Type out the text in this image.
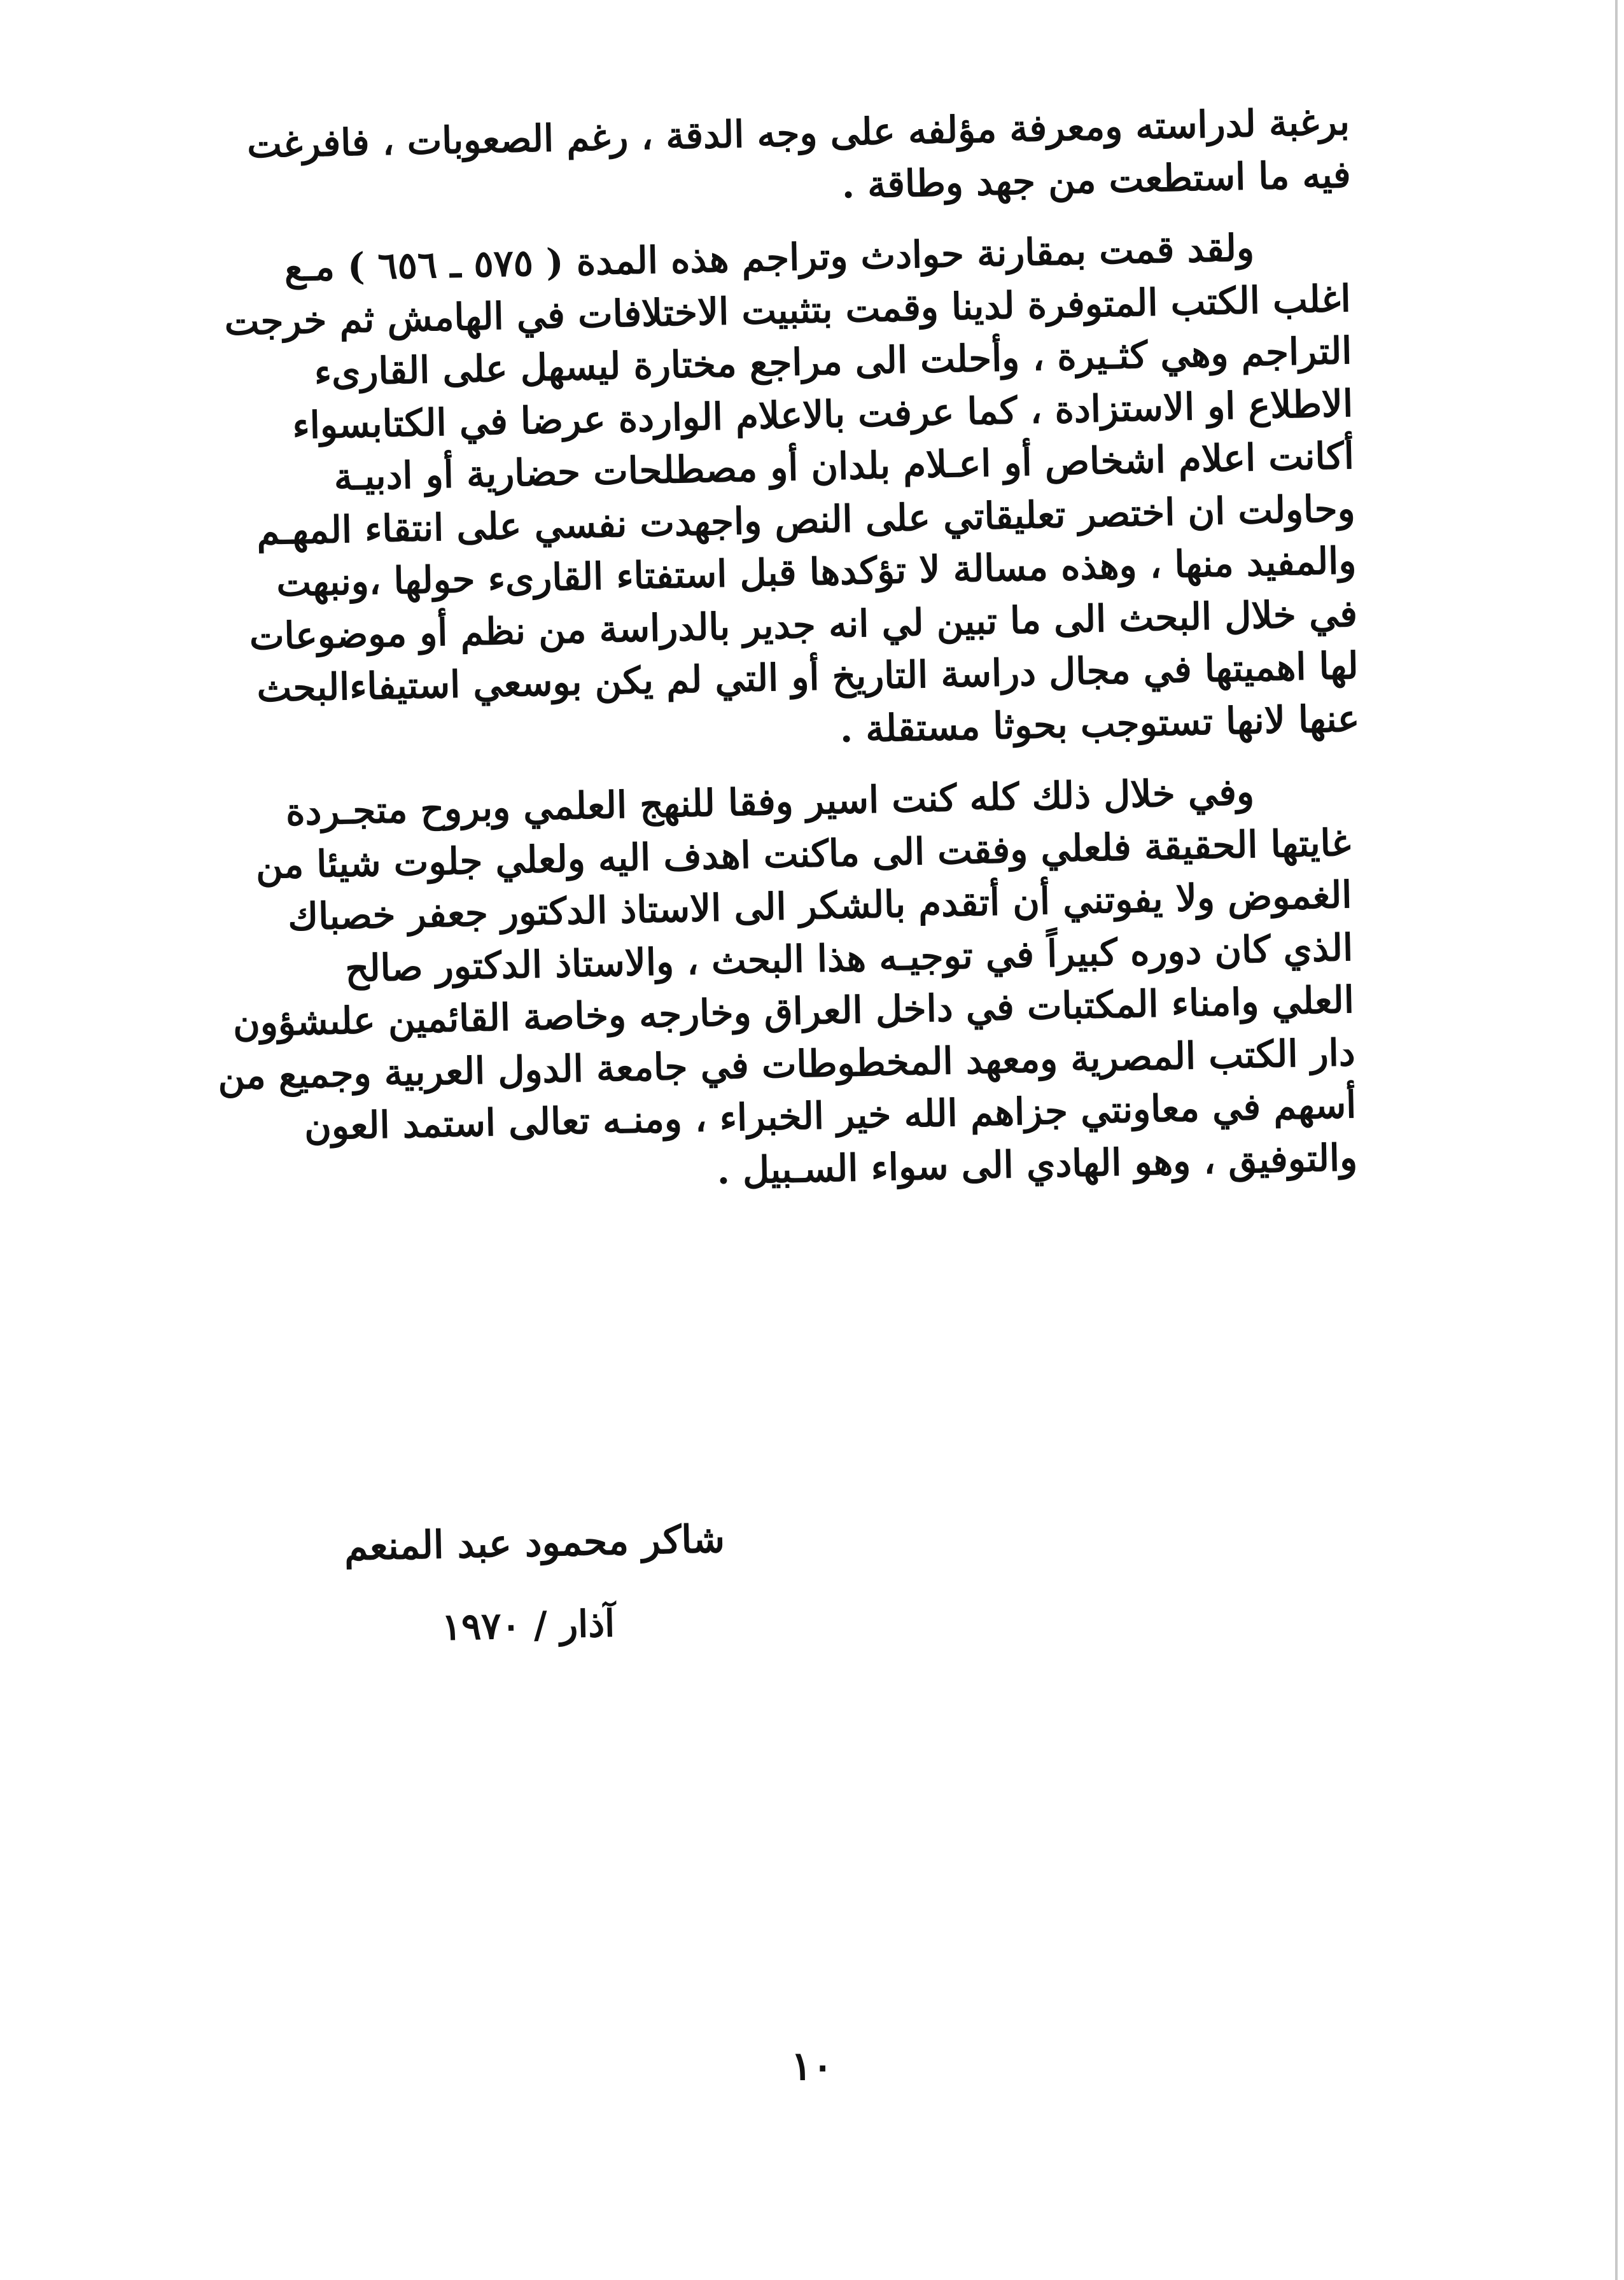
برغبة لدراسته ومعرفة مؤلفه على وجه الدقة ، رغم الصعوبات ، فافرغت
فيه ما استطعت من جهد وطاقة .
ولقد قمت بمقارنة حوادث وتراجم هذه المدة ( ٥٧٥ ـ ٦٥٦ ) مـع
اغلب الكتب المتوفرة لدينا وقمت بتثبيت الاختلافات في الهامش ثم خرجت
التراجم وهي كثـيرة ، وأحلت الى مراجع مختارة ليسهل على القارىء
الاطلاع او الاستزادة ، كما عرفت بالاعلام الواردة عرضا في الكتابسواء
أكانت اعلام اشخاص أو اعـلام بلدان أو مصطلحات حضارية أو ادبيـة
وحاولت ان اختصر تعليقاتي على النص واجهدت نفسي على انتقاء المهـم
والمفيد منها ، وهذه مسالة لا تؤكدها قبل استفتاء القارىء حولها ،ونبهت
في خلال البحث الى ما تبين لي انه جدير بالدراسة من نظم أو موضوعات
لها اهميتها في مجال دراسة التاريخ أو التي لم يكن بوسعي استيفاءالبحث
عنها لانها تستوجب بحوثا مستقلة .
وفي خلال ذلك كله كنت اسير وفقا للنهج العلمي وبروح متجـردة
غايتها الحقيقة فلعلي وفقت الى ماكنت اهدف اليه ولعلي جلوت شيئا من
الغموض ولا يفوتني أن أتقدم بالشكر الى الاستاذ الدكتور جعفر خصباك
الذي كان دوره كبيراً في توجيـه هذا البحث ، والاستاذ الدكتور صالح
العلي وامناء المكتبات في داخل العراق وخارجه وخاصة القائمين علىشؤون
دار الكتب المصرية ومعهد المخطوطات في جامعة الدول العربية وجميع من
أسهم في معاونتي جزاهم الله خير الخبراء ، ومنـه تعالى استمد العون
والتوفيق ، وهو الهادي الى سواء السـبيل .
شاكر محمود عبد المنعم
آذار / ١٩٧٠
١٠
